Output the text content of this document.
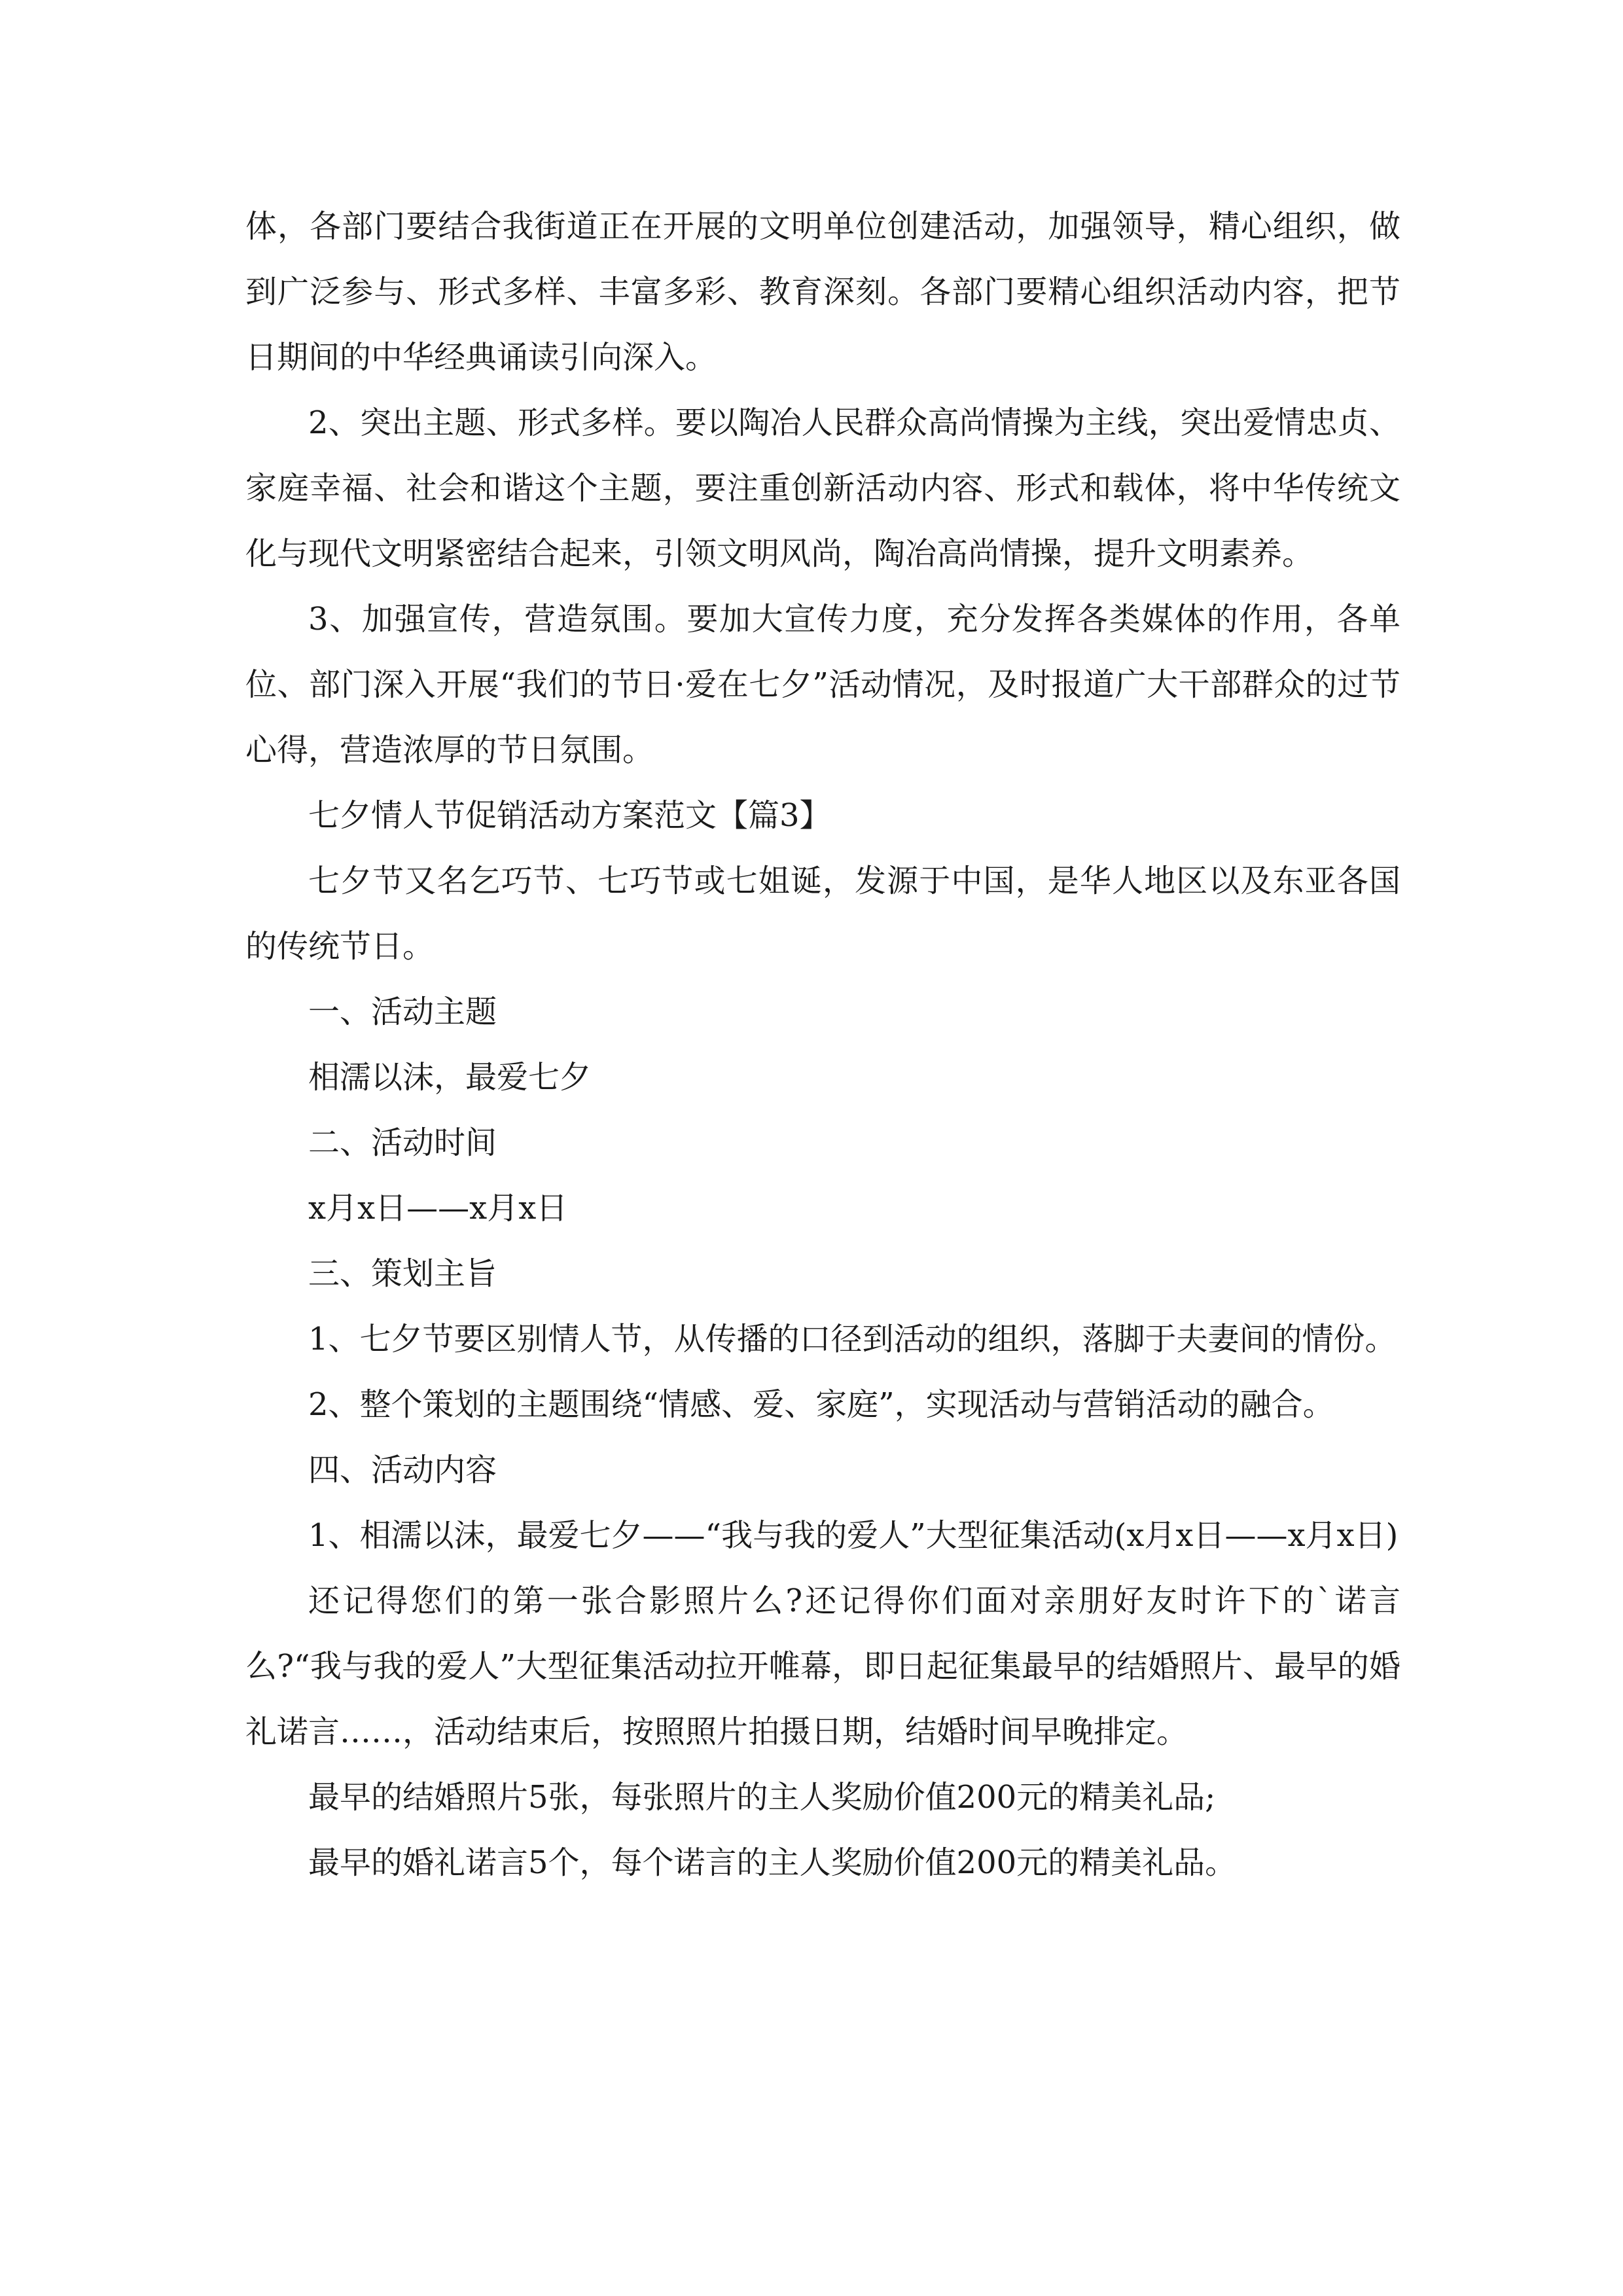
体，各部门要结合我街道正在开展的文明单位创建活动，加强领导，精心组织，做到广泛参与、形式多样、丰富多彩、教育深刻。各部门要精心组织活动内容，把节日期间的中华经典诵读引向深入。

2、突出主题、形式多样。要以陶冶人民群众高尚情操为主线，突出爱情忠贞、家庭幸福、社会和谐这个主题，要注重创新活动内容、形式和载体，将中华传统文化与现代文明紧密结合起来，引领文明风尚，陶冶高尚情操，提升文明素养。

3、加强宣传，营造氛围。要加大宣传力度，充分发挥各类媒体的作用，各单位、部门深入开展“我们的节日·爱在七夕”活动情况，及时报道广大干部群众的过节心得，营造浓厚的节日氛围。

七夕情人节促销活动方案范文【篇3】

七夕节又名乞巧节、七巧节或七姐诞，发源于中国，是华人地区以及东亚各国的传统节日。

一、活动主题

相濡以沫，最爱七夕

二、活动时间

x月x日——x月x日

三、策划主旨

1、七夕节要区别情人节，从传播的口径到活动的组织，落脚于夫妻间的情份。

2、整个策划的主题围绕“情感、爱、家庭”，实现活动与营销活动的融合。

四、活动内容

1、相濡以沫，最爱七夕——“我与我的爱人”大型征集活动(x月x日——x月x日)

还记得您们的第一张合影照片么?还记得你们面对亲朋好友时许下的`诺言么?“我与我的爱人”大型征集活动拉开帷幕，即日起征集最早的结婚照片、最早的婚礼诺言……，活动结束后，按照照片拍摄日期，结婚时间早晚排定。

最早的结婚照片5张，每张照片的主人奖励价值200元的精美礼品;

最早的婚礼诺言5个，每个诺言的主人奖励价值200元的精美礼品。
